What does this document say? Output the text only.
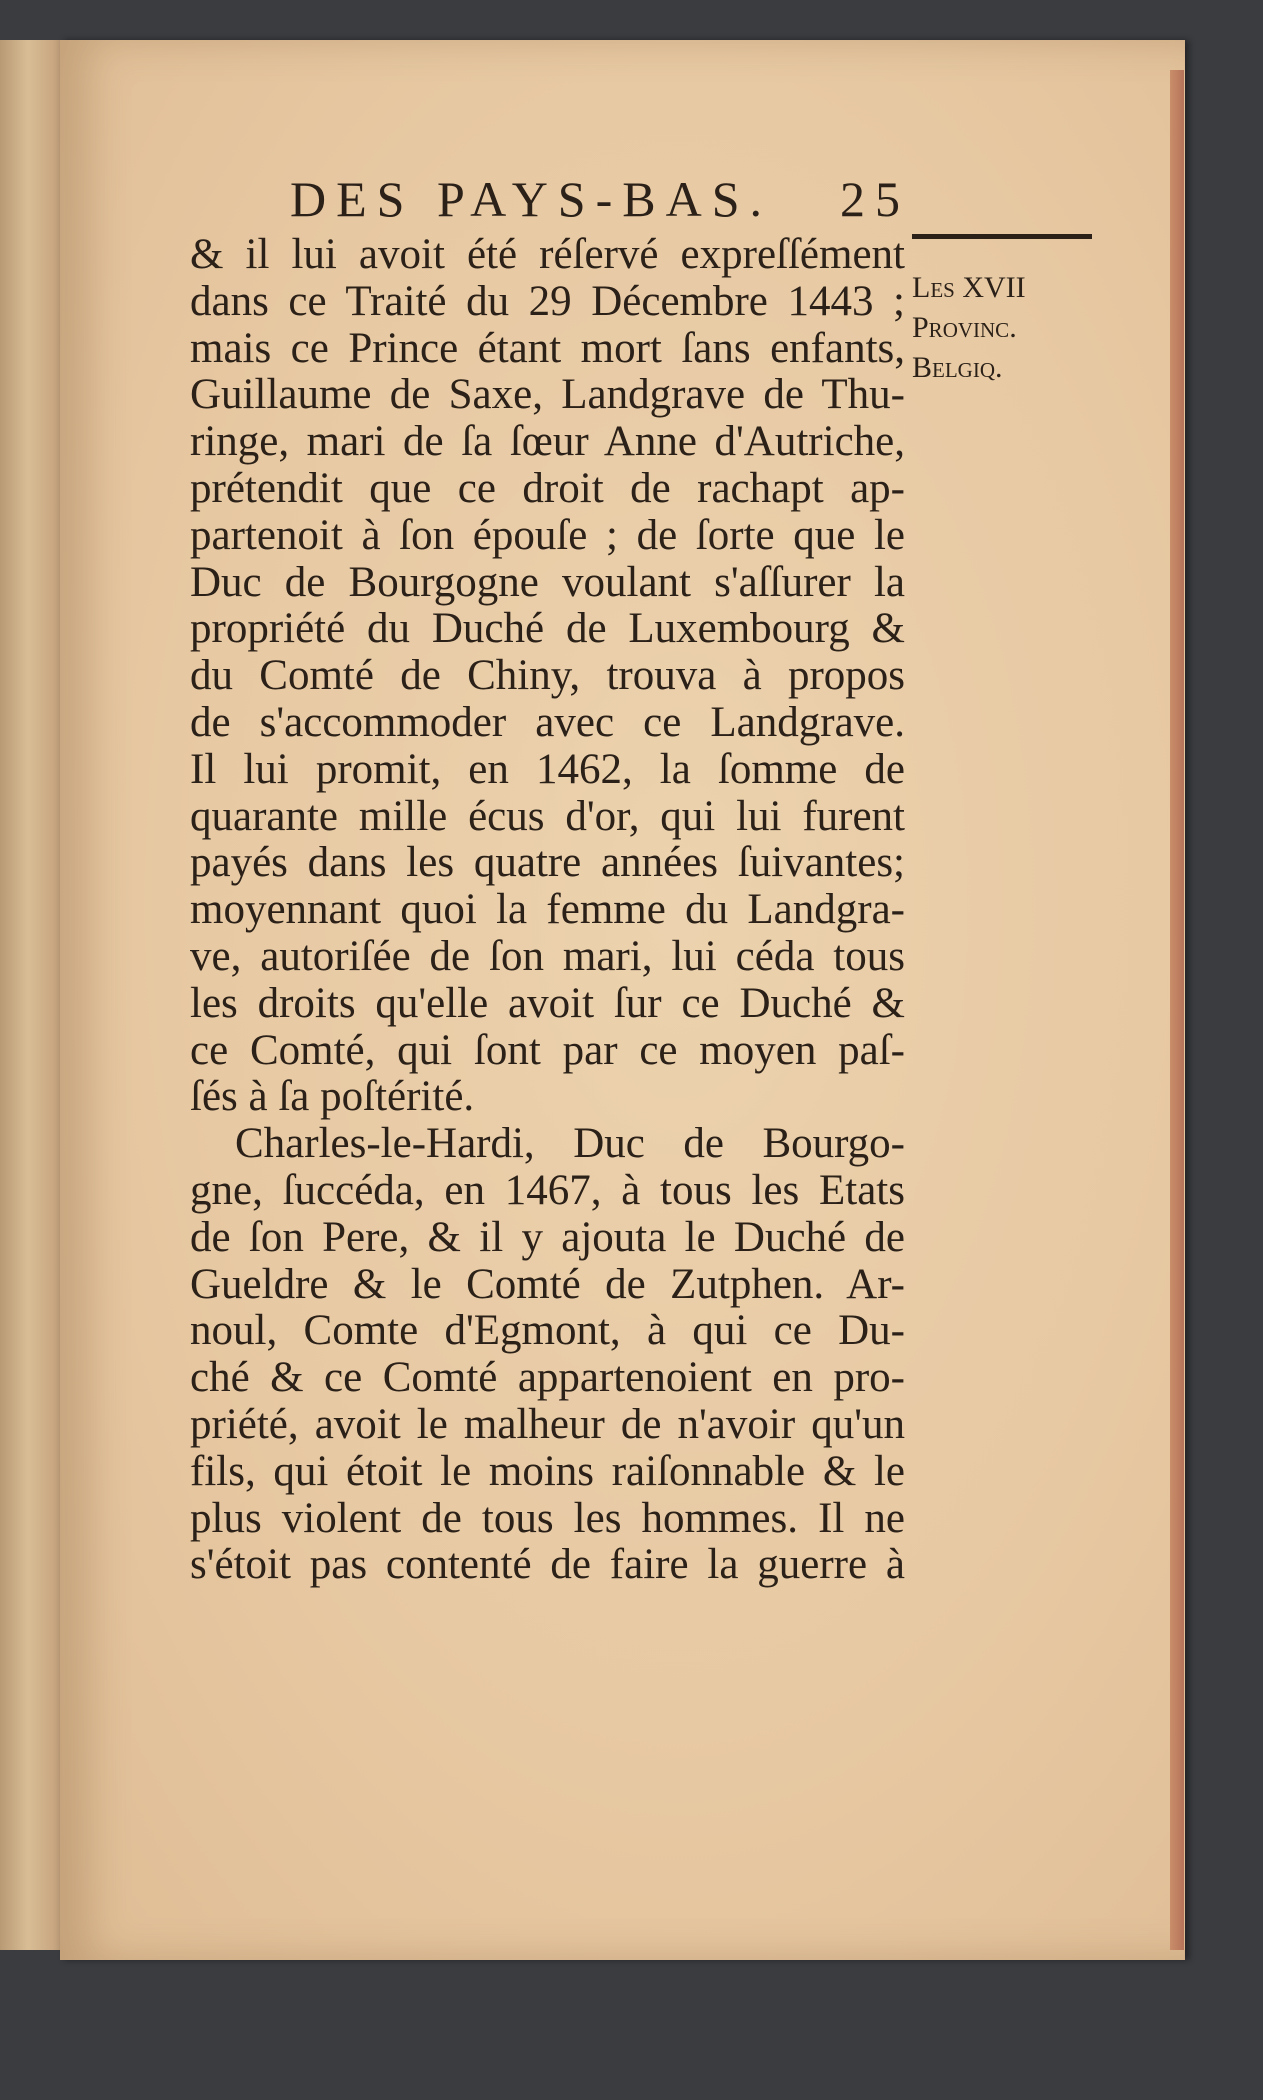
DES PAYS-BAS. 25
Les XVII
Provinc.
Belgiq.
& il lui avoit été réſervé expreſſément
dans ce Traité du 29 Décembre 1443 ;
mais ce Prince étant mort ſans enfants,
Guillaume de Saxe, Landgrave de Thu-
ringe, mari de ſa ſœur Anne d'Autriche,
prétendit que ce droit de rachapt ap-
partenoit à ſon épouſe ; de ſorte que le
Duc de Bourgogne voulant s'aſſurer la
propriété du Duché de Luxembourg &
du Comté de Chiny, trouva à propos
de s'accommoder avec ce Landgrave.
Il lui promit, en 1462, la ſomme de
quarante mille écus d'or, qui lui furent
payés dans les quatre années ſuivantes;
moyennant quoi la femme du Landgra-
ve, autoriſée de ſon mari, lui céda tous
les droits qu'elle avoit ſur ce Duché &
ce Comté, qui ſont par ce moyen paſ-
ſés à ſa poſtérité.
Charles-le-Hardi, Duc de Bourgo-
gne, ſuccéda, en 1467, à tous les Etats
de ſon Pere, & il y ajouta le Duché de
Gueldre & le Comté de Zutphen. Ar-
noul, Comte d'Egmont, à qui ce Du-
ché & ce Comté appartenoient en pro-
priété, avoit le malheur de n'avoir qu'un
fils, qui étoit le moins raiſonnable & le
plus violent de tous les hommes. Il ne
s'étoit pas contenté de faire la guerre à
